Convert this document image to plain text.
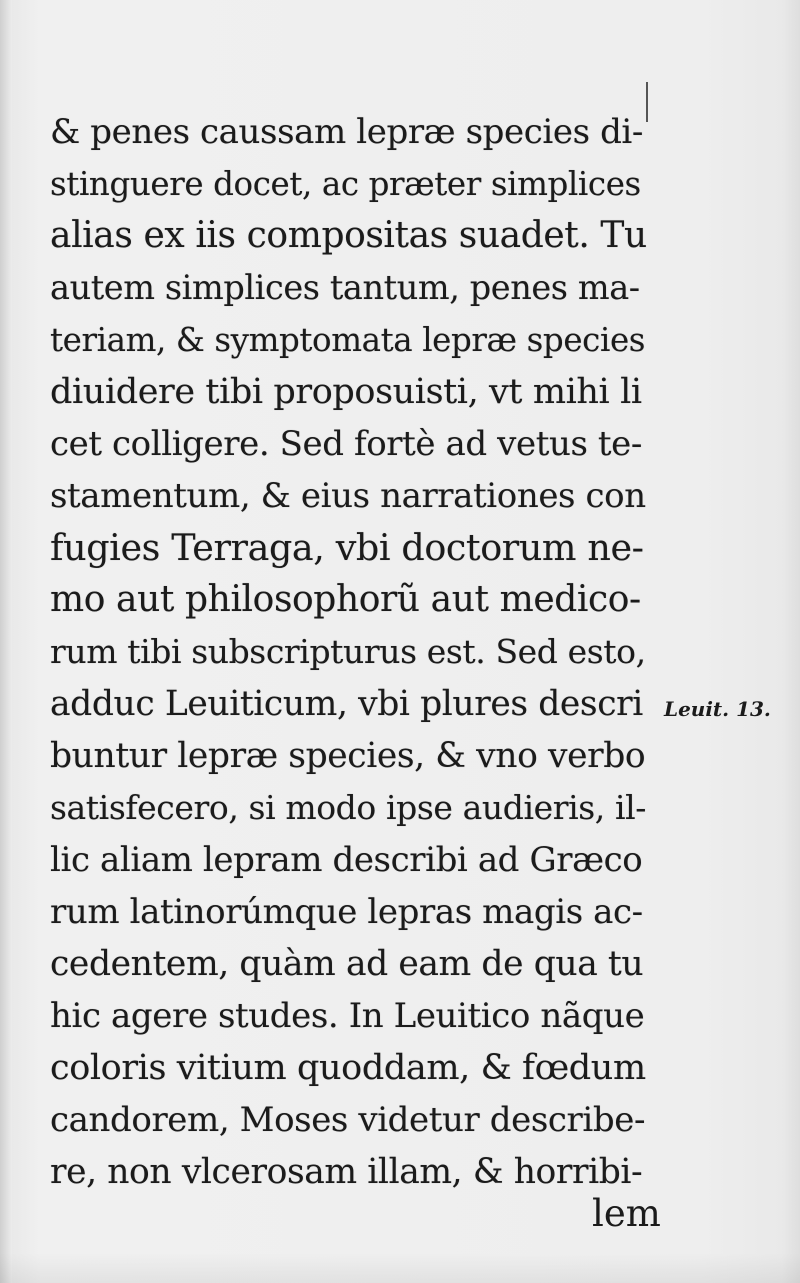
& penes caussam lepræ species di-
stinguere docet, ac præter simplices
alias ex iis compositas suadet. Tu
autem simplices tantum, penes ma-
teriam, & symptomata lepræ species
diuidere tibi proposuisti, vt mihi li
cet colligere. Sed fortè ad vetus te-
stamentum, & eius narrationes con
fugies Terraga, vbi doctorum ne-
mo aut philosophorũ aut medico-
rum tibi subscripturus est. Sed esto,
adduc Leuiticum, vbi plures descri
buntur lepræ species, & vno verbo
satisfecero, si modo ipse audieris, il-
lic aliam lepram describi ad Græco
rum latinorúmque lepras magis ac-
cedentem, quàm ad eam de qua tu
hic agere studes. In Leuitico nãque
coloris vitium quoddam, & fœdum
candorem, Moses videtur describe-
re, non vlcerosam illam, & horribi-
lem
Leuit. 13.
